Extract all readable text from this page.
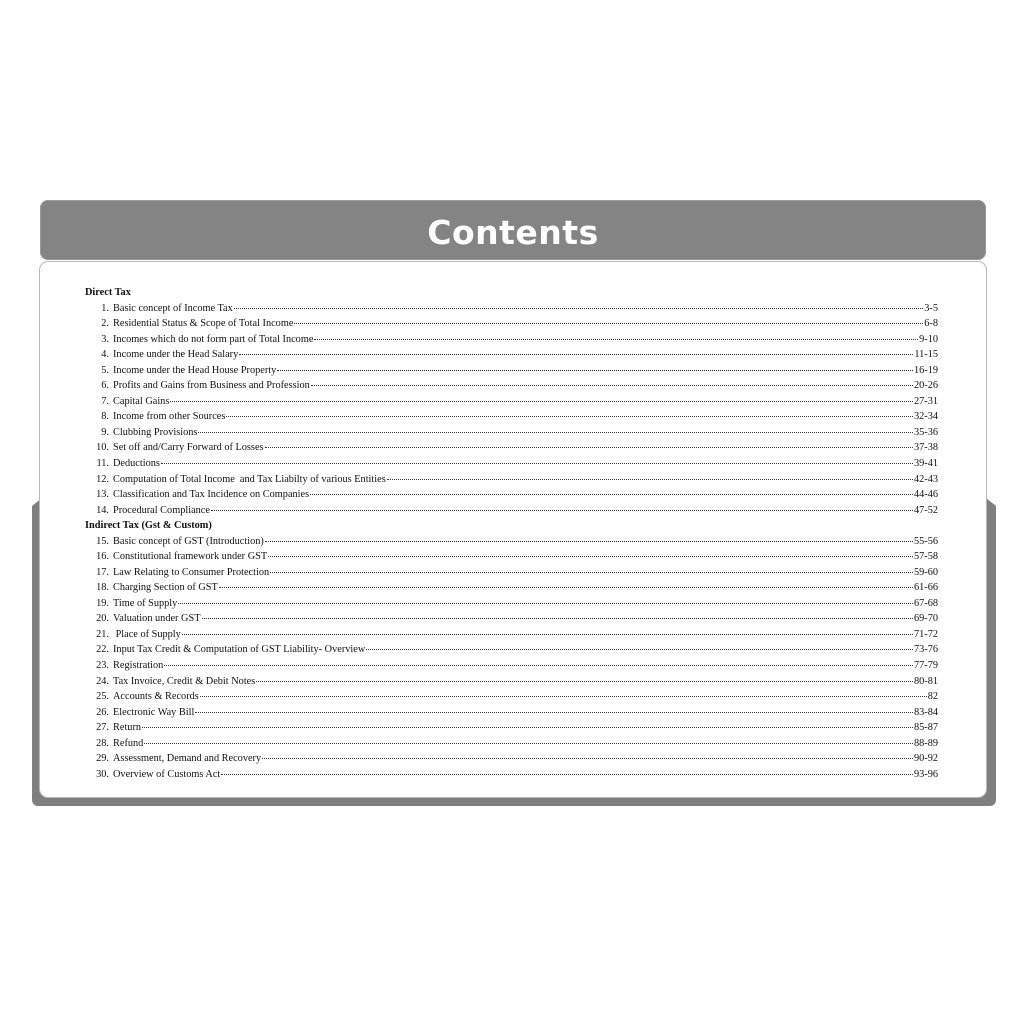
Contents
Direct Tax
1. Basic concept of Income Tax	3-5
2. Residential Status & Scope of Total Income	6-8
3. Incomes which do not form part of Total Income	9-10
4. Income under the Head Salary	11-15
5. Income under the Head House Property	16-19
6. Profits and Gains from Business and Profession	20-26
7. Capital Gains	27-31
8. Income from other Sources	32-34
9. Clubbing Provisions	35-36
10. Set off and/Carry Forward of Losses	37-38
11. Deductions	39-41
12. Computation of Total Income  and Tax Liabilty of various Entities	42-43
13. Classification and Tax Incidence on Companies	44-46
14. Procedural Compliance	47-52
Indirect Tax (Gst & Custom)
15. Basic concept of GST (Introduction)	55-56
16. Constitutional framework under GST	57-58
17. Law Relating to Consumer Protection	59-60
18. Charging Section of GST	61-66
19. Time of Supply	67-68
20. Valuation under GST	69-70
21. Place of Supply	71-72
22. Input Tax Credit & Computation of GST Liability- Overview	73-76
23. Registration	77-79
24. Tax Invoice, Credit & Debit Notes	80-81
25. Accounts & Records	82
26. Electronic Way Bill	83-84
27. Return	85-87
28. Refund	88-89
29. Assessment, Demand and Recovery	90-92
30. Overview of Customs Act	93-96
